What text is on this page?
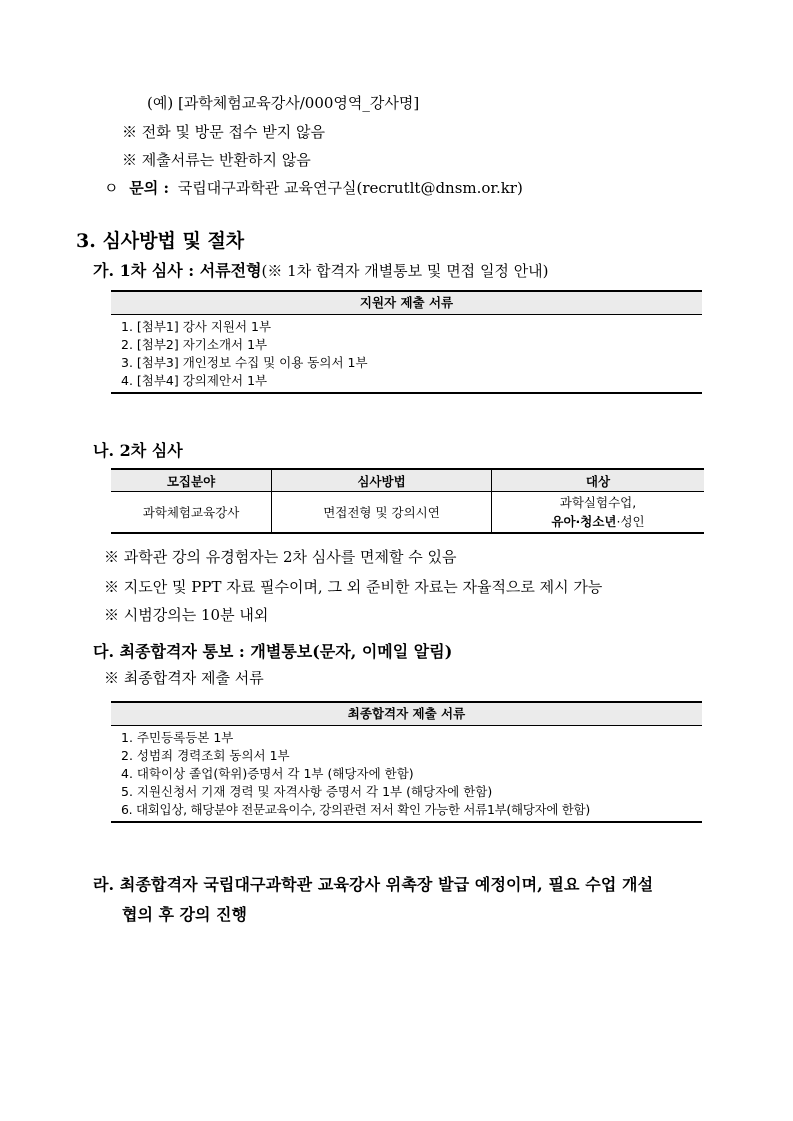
(예) [과학체험교육강사/000영역_강사명]
※ 전화 및 방문 접수 받지 않음
※ 제출서류는 반환하지 않음
ㅇ 문의 : 국립대구과학관 교육연구실(recrutlt@dnsm.or.kr)
3. 심사방법 및 절차
가. 1차 심사 : 서류전형(※ 1차 합격자 개별통보 및 면접 일정 안내)
지원자 제출 서류
1. [첨부1] 강사 지원서 1부
2. [첨부2] 자기소개서 1부
3. [첨부3] 개인정보 수집 및 이용 동의서 1부
4. [첨부4] 강의제안서 1부
나. 2차 심사
모집분야	심사방법	대상
과학체험교육강사	면접전형 및 강의시연	과학실험수업,
유아·청소년·성인
※ 과학관 강의 유경험자는 2차 심사를 면제할 수 있음
※ 지도안 및 PPT 자료 필수이며, 그 외 준비한 자료는 자율적으로 제시 가능
※ 시범강의는 10분 내외
다. 최종합격자 통보 : 개별통보(문자, 이메일 알림)
※ 최종합격자 제출 서류
최종합격자 제출 서류
1. 주민등록등본 1부
2. 성범죄 경력조회 동의서 1부
4. 대학이상 졸업(학위)증명서 각 1부 (해당자에 한함)
5. 지원신청서 기재 경력 및 자격사항 증명서 각 1부 (해당자에 한함)
6. 대회입상, 해당분야 전문교육이수, 강의관련 저서 확인 가능한 서류1부(해당자에 한함)
라. 최종합격자 국립대구과학관 교육강사 위촉장 발급 예정이며, 필요 수업 개설
협의 후 강의 진행
